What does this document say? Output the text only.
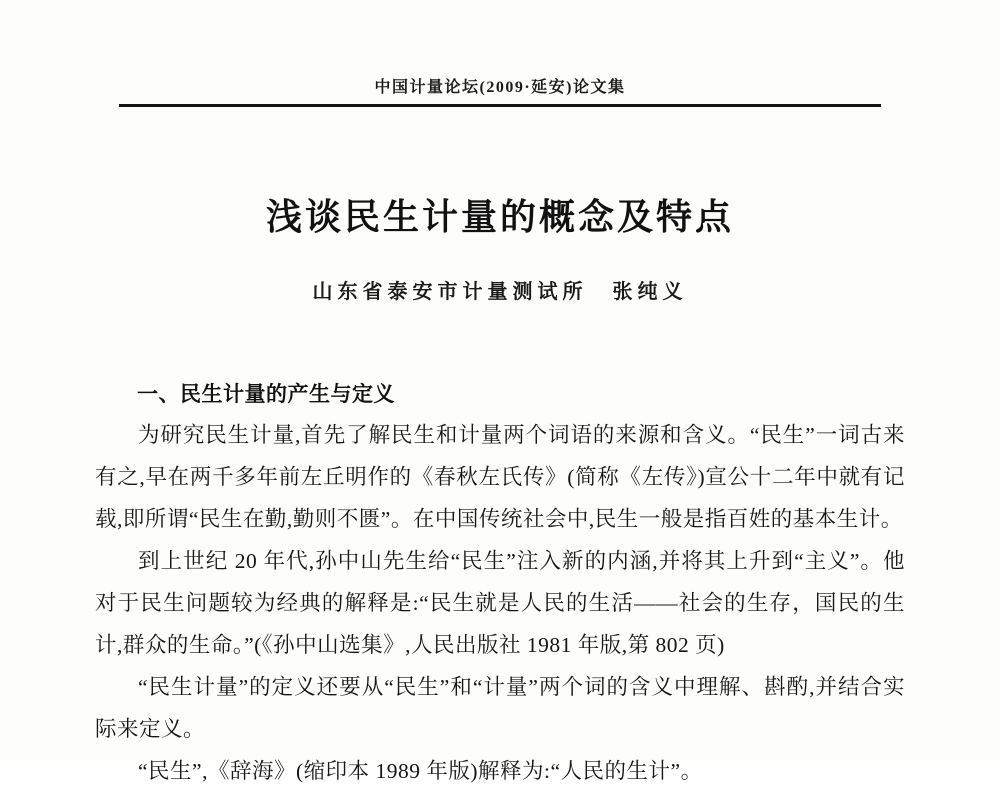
中国计量论坛(2009·延安)论文集
浅谈民生计量的概念及特点
山东省泰安市计量测试所　张纯义
一、民生计量的产生与定义

为研究民生计量,首先了解民生和计量两个词语的来源和含义。“民生”一词古来有之,早在两千多年前左丘明作的《春秋左氏传》(简称《左传》)宣公十二年中就有记载,即所谓“民生在勤,勤则不匮”。在中国传统社会中,民生一般是指百姓的基本生计。

到上世纪 20 年代,孙中山先生给“民生”注入新的内涵,并将其上升到“主义”。他对于民生问题较为经典的解释是:“民生就是人民的生活——社会的生存，国民的生计,群众的生命。”(《孙中山选集》,人民出版社 1981 年版,第 802 页)

“民生计量”的定义还要从“民生”和“计量”两个词的含义中理解、斟酌,并结合实际来定义。

“民生”,《辞海》(缩印本 1989 年版)解释为:“人民的生计”。
